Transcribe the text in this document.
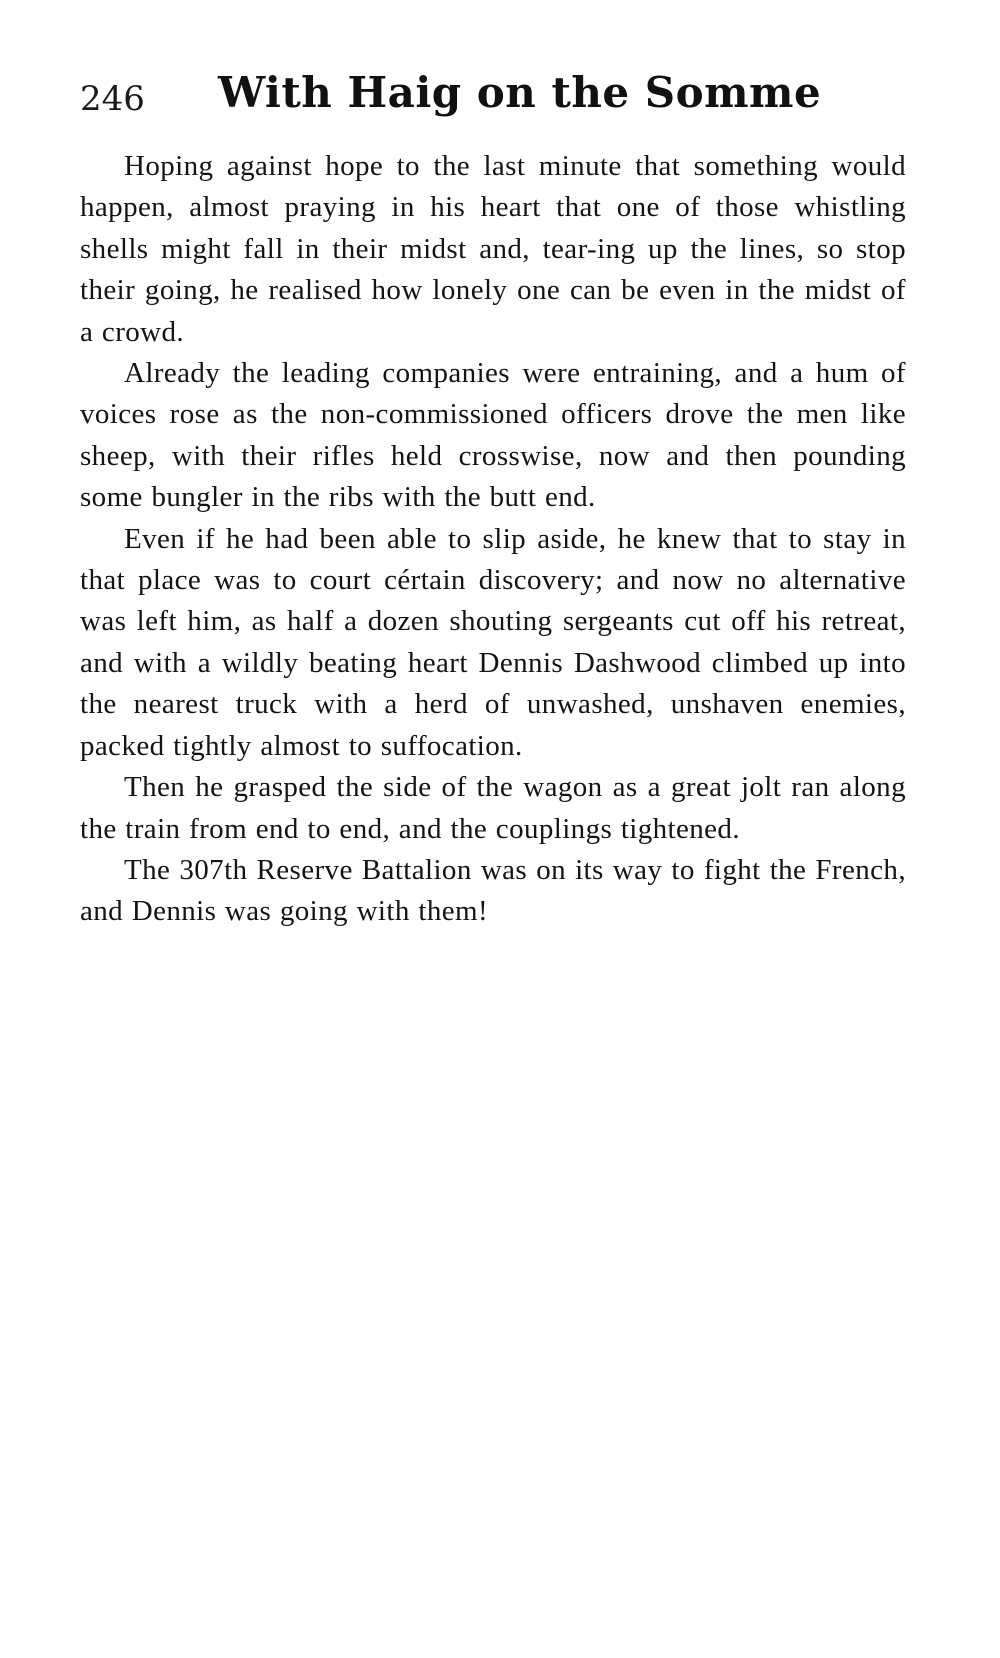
246 With Haig on the Somme

Hoping against hope to the last minute that something would happen, almost praying in his heart that one of those whistling shells might fall in their midst and, tear-ing up the lines, so stop their going, he realised how lonely one can be even in the midst of a crowd.

Already the leading companies were entraining, and a hum of voices rose as the non-commissioned officers drove the men like sheep, with their rifles held crosswise, now and then pounding some bungler in the ribs with the butt end.

Even if he had been able to slip aside, he knew that to stay in that place was to court cértain discovery; and now no alternative was left him, as half a dozen shouting sergeants cut off his retreat, and with a wildly beating heart Dennis Dashwood climbed up into the nearest truck with a herd of unwashed, unshaven enemies, packed tightly almost to suffocation.

Then he grasped the side of the wagon as a great jolt ran along the train from end to end, and the couplings tightened.

The 307th Reserve Battalion was on its way to fight the French, and Dennis was going with them!
